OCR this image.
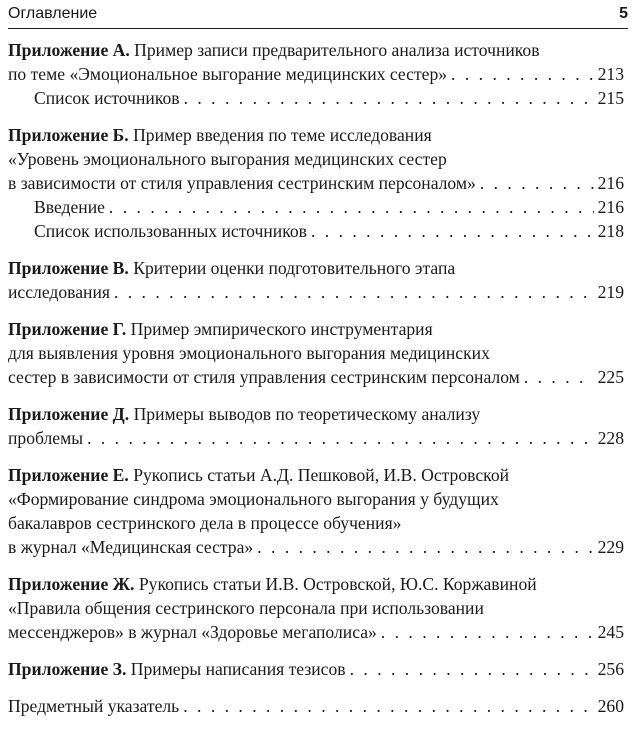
Оглавление	5
Приложение А. Пример записи предварительного анализа источников
по теме «Эмоциональное выгорание медицинских сестер» . . .	213
Список источников . . .	215
Приложение Б. Пример введения по теме исследования
«Уровень эмоционального выгорания медицинских сестер
в зависимости от стиля управления сестринским персоналом» . . .	216
Введение . . .	216
Список использованных источников . . .	218
Приложение В. Критерии оценки подготовительного этапа
исследования . . .	219
Приложение Г. Пример эмпирического инструментария
для выявления уровня эмоционального выгорания медицинских
сестер в зависимости от стиля управления сестринским персоналом . . .	225
Приложение Д. Примеры выводов по теоретическому анализу
проблемы . . .	228
Приложение Е. Рукопись статьи А.Д. Пешковой, И.В. Островской
«Формирование синдрома эмоционального выгорания у будущих
бакалавров сестринского дела в процессе обучения»
в журнал «Медицинская сестра» . . .	229
Приложение Ж. Рукопись статьи И.В. Островской, Ю.С. Коржавиной
«Правила общения сестринского персонала при использовании
мессенджеров» в журнал «Здоровье мегаполиса» . . .	245
Приложение З. Примеры написания тезисов . . .	256
Предметный указатель . . .	260
